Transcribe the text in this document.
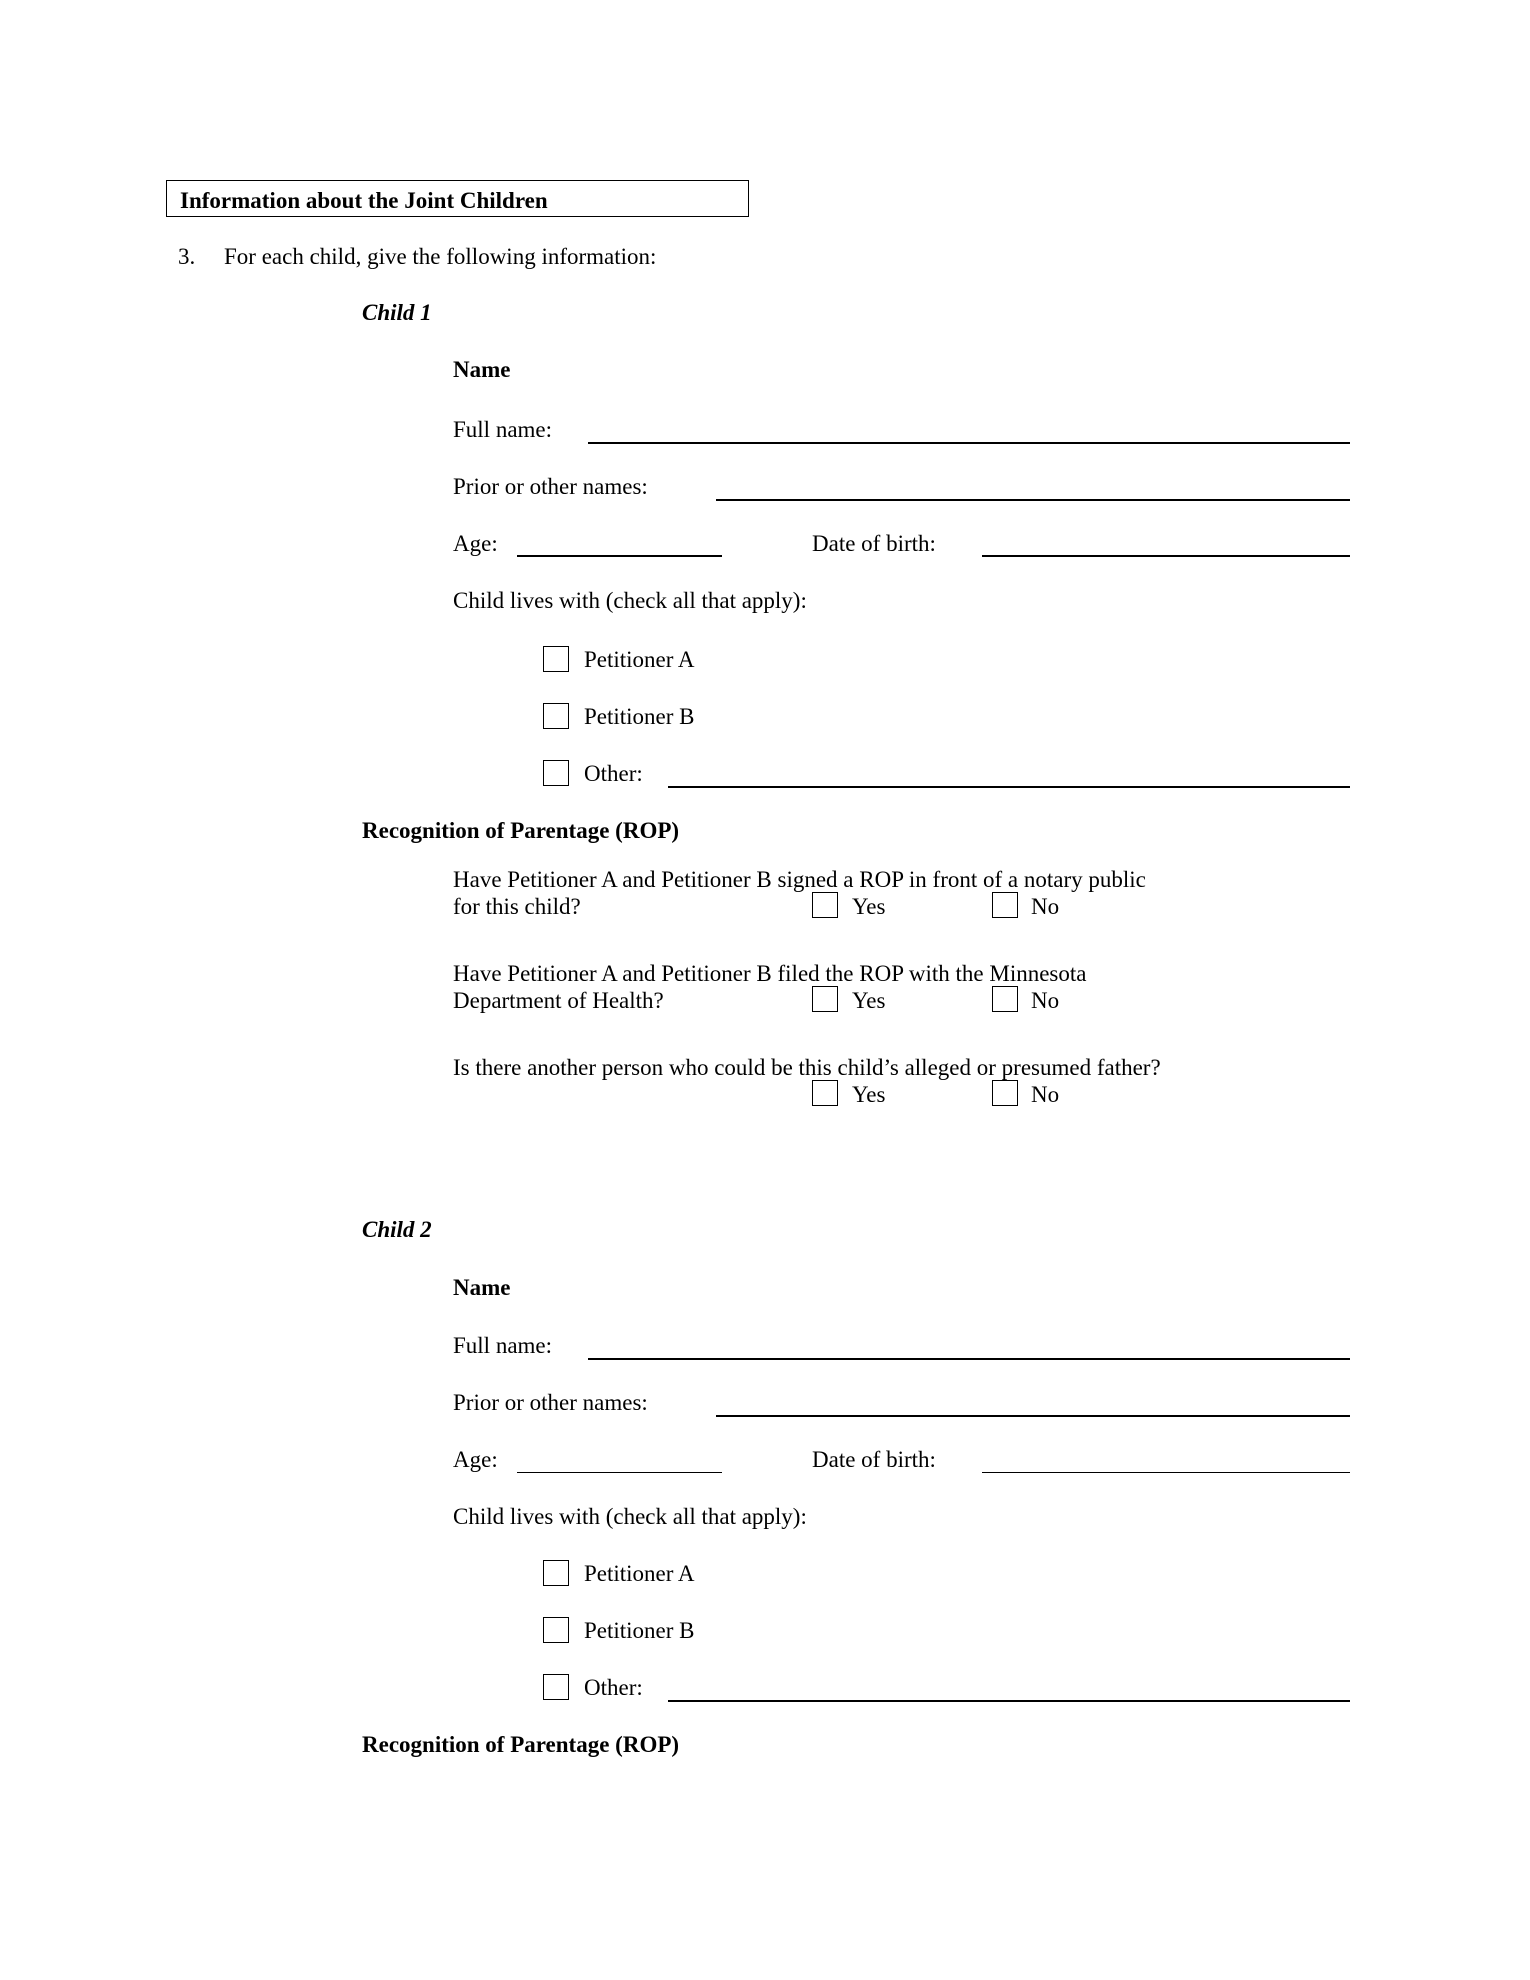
Information about the Joint Children
3. For each child, give the following information:
Child 1
Name
Full name:
Prior or other names:
Age:	Date of birth:
Child lives with (check all that apply):
Petitioner A
Petitioner B
Other:
Recognition of Parentage (ROP)
Have Petitioner A and Petitioner B signed a ROP in front of a notary public
for this child?	Yes	No
Have Petitioner A and Petitioner B filed the ROP with the Minnesota
Department of Health?	Yes	No
Is there another person who could be this child’s alleged or presumed father?
Yes	No
Child 2
Name
Full name:
Prior or other names:
Age:	Date of birth:
Child lives with (check all that apply):
Petitioner A
Petitioner B
Other:
Recognition of Parentage (ROP)
